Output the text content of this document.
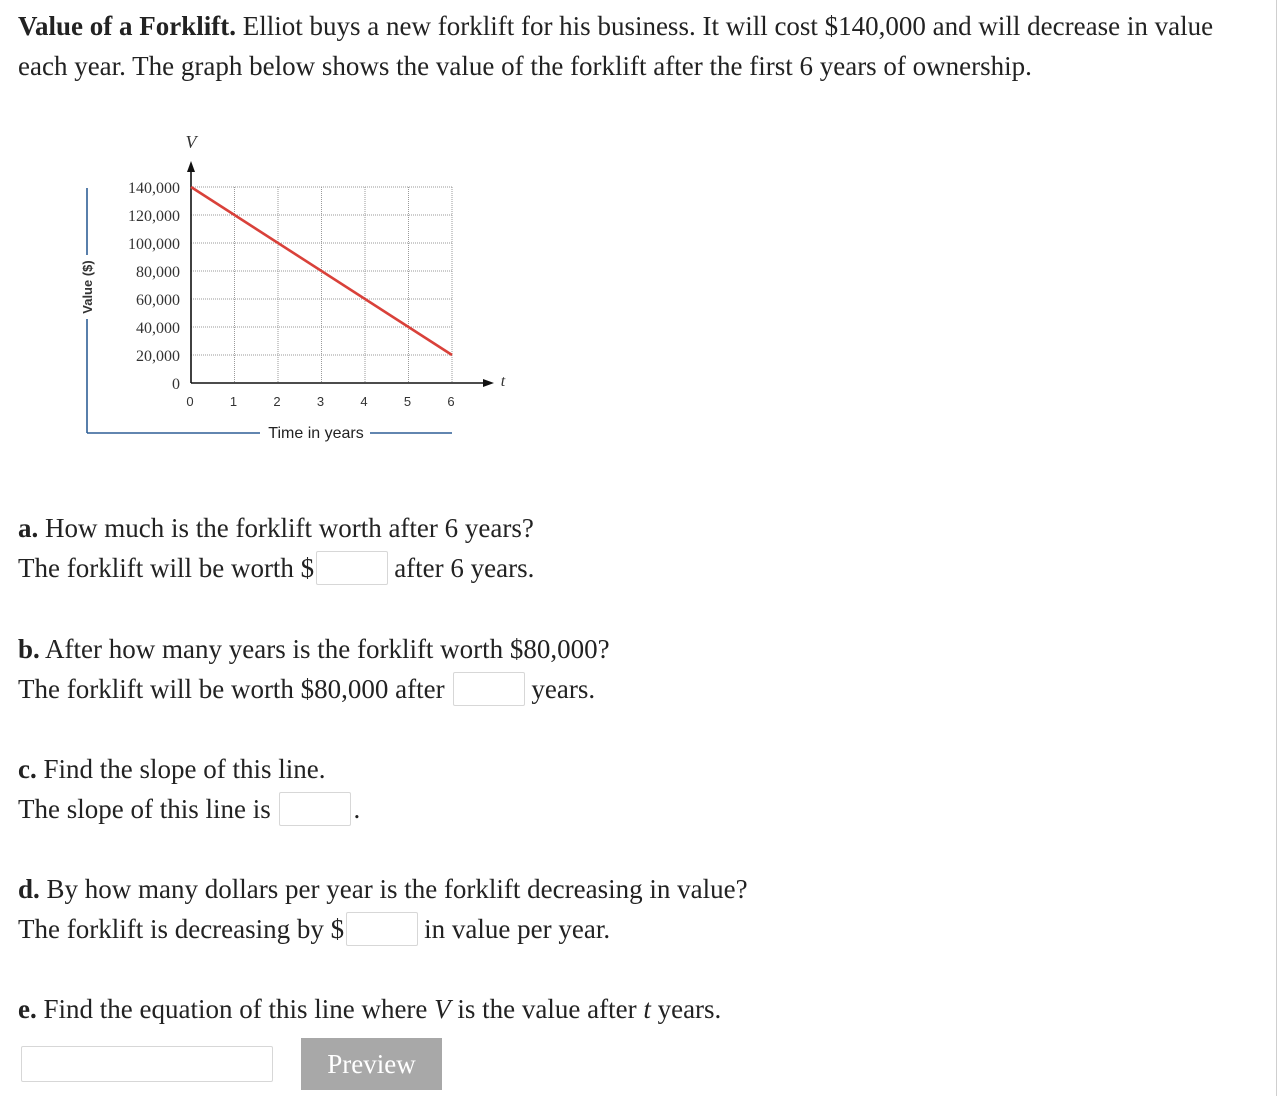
Value of a Forklift. Elliot buys a new forklift for his business. It will cost $140,000 and will decrease in value each year. The graph below shows the value of the forklift after the first 6 years of ownership.

V
t
0
20,000
40,000
60,000
80,000
100,000
120,000
140,000
0	1	2	3	4	5	6
Value ($)
Time in years
a. How much is the forklift worth after 6 years?
The forklift will be worth $	after 6 years.
b. After how many years is the forklift worth $80,000?
The forklift will be worth $80,000 after	years.
c. Find the slope of this line.
The slope of this line is	.
d. By how many dollars per year is the forklift decreasing in value?
The forklift is decreasing by $	in value per year.
e. Find the equation of this line where V is the value after t years.
Preview
